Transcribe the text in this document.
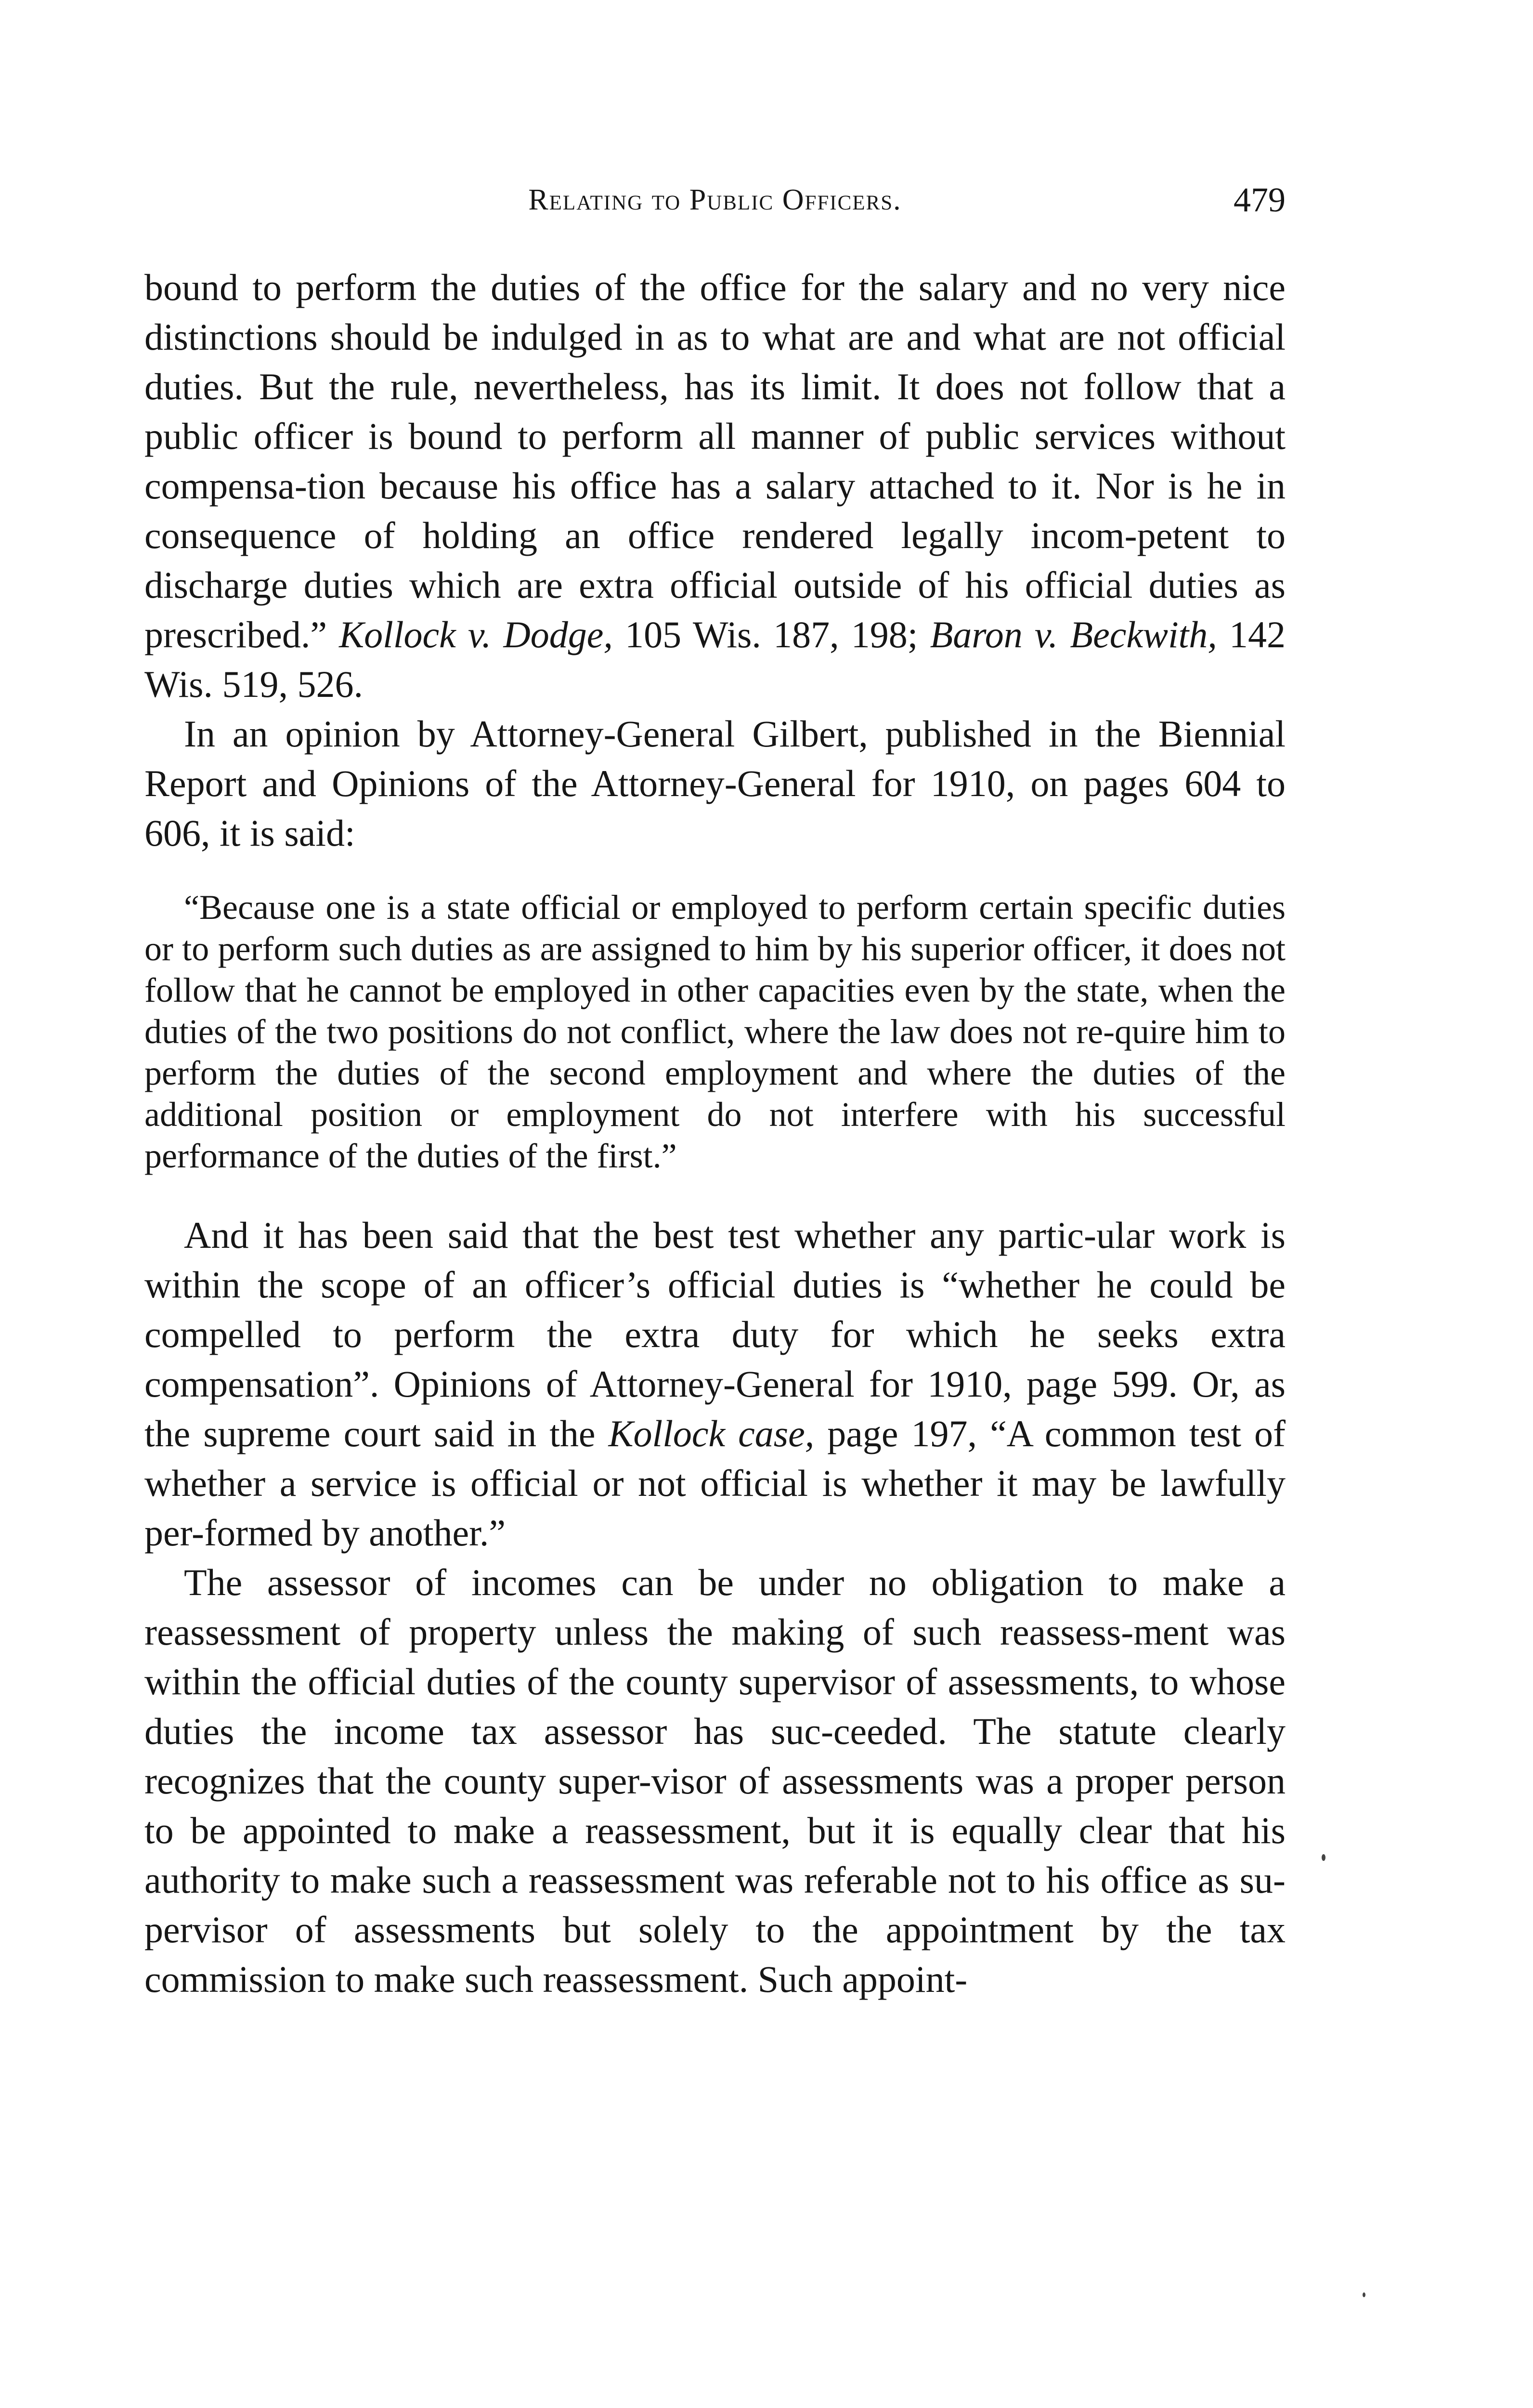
Relating to Public Officers.	479

bound to perform the duties of the office for the salary and no very nice distinctions should be indulged in as to what are and what are not official duties. But the rule, nevertheless, has its limit. It does not follow that a public officer is bound to perform all manner of public services without compensa-tion because his office has a salary attached to it. Nor is he in consequence of holding an office rendered legally incom-petent to discharge duties which are extra official outside of his official duties as prescribed.” Kollock v. Dodge, 105 Wis. 187, 198; Baron v. Beckwith, 142 Wis. 519, 526.

In an opinion by Attorney-General Gilbert, published in the Biennial Report and Opinions of the Attorney-General for 1910, on pages 604 to 606, it is said:

“Because one is a state official or employed to perform certain specific duties or to perform such duties as are assigned to him by his superior officer, it does not follow that he cannot be employed in other capacities even by the state, when the duties of the two positions do not conflict, where the law does not re-quire him to perform the duties of the second employment and where the duties of the additional position or employment do not interfere with his successful performance of the duties of the first.”

And it has been said that the best test whether any partic-ular work is within the scope of an officer’s official duties is “whether he could be compelled to perform the extra duty for which he seeks extra compensation”. Opinions of Attorney-General for 1910, page 599. Or, as the supreme court said in the Kollock case, page 197, “A common test of whether a service is official or not official is whether it may be lawfully per-formed by another.”

The assessor of incomes can be under no obligation to make a reassessment of property unless the making of such reassess-ment was within the official duties of the county supervisor of assessments, to whose duties the income tax assessor has suc-ceeded. The statute clearly recognizes that the county super-visor of assessments was a proper person to be appointed to make a reassessment, but it is equally clear that his authority to make such a reassessment was referable not to his office as su-pervisor of assessments but solely to the appointment by the tax commission to make such reassessment. Such appoint-
